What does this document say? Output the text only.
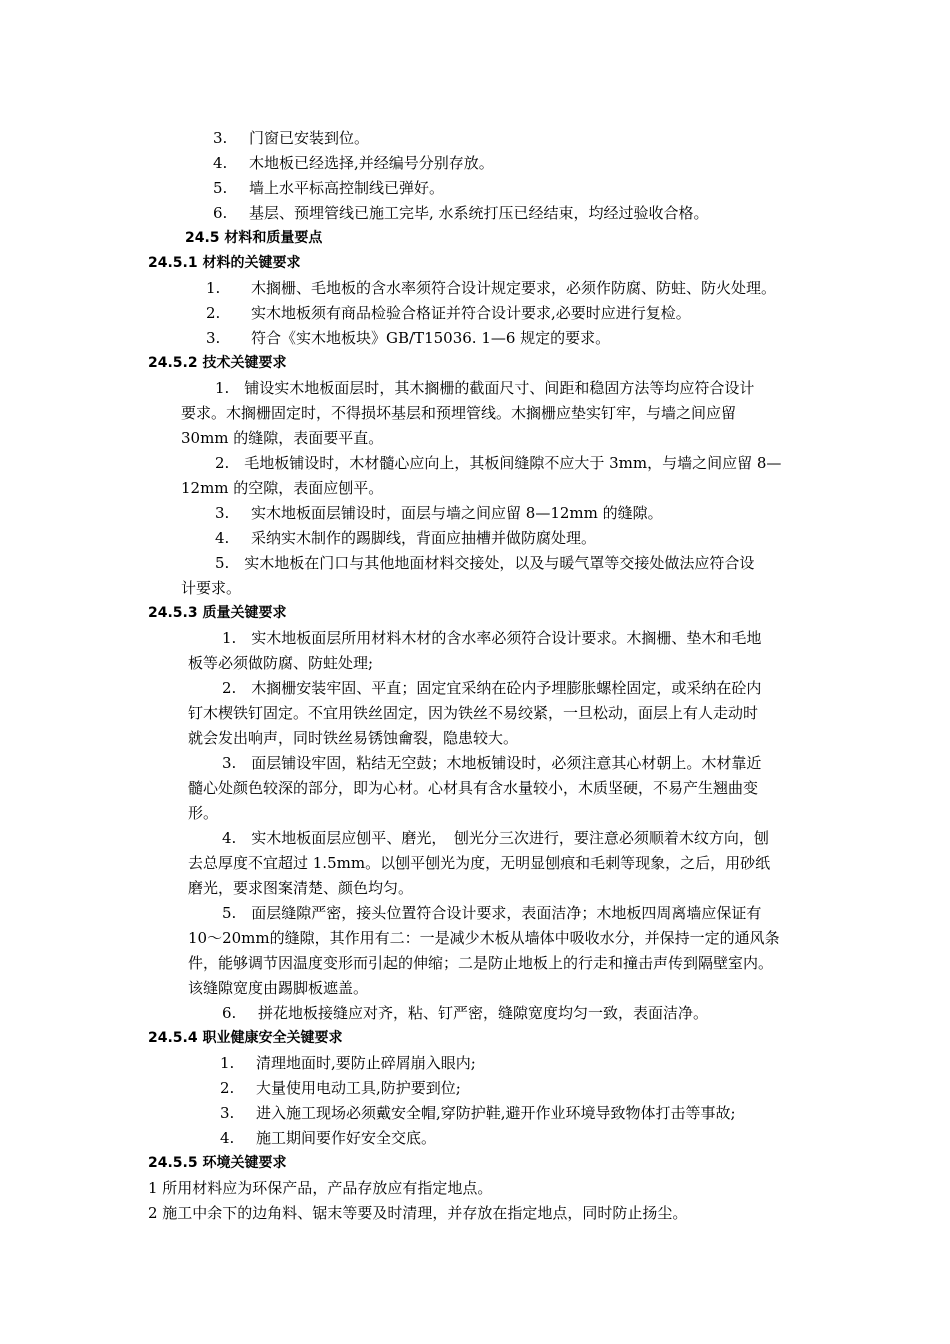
3. 门窗已安装到位。
4. 木地板已经选择,并经编号分别存放。
5. 墙上水平标高控制线已弹好。
6. 基层、预埋管线已施工完毕, 水系统打压已经结束，均经过验收合格。
24.5 材料和质量要点
24.5.1 材料的关键要求
1. 木搁栅、毛地板的含水率须符合设计规定要求，必须作防腐、防蛀、防火处理。
2. 实木地板须有商品检验合格证并符合设计要求,必要时应进行复检。
3. 符合《实木地板块》GB/T15036. 1—6 规定的要求。
24.5.2 技术关键要求
1.　铺设实木地板面层时，其木搁栅的截面尺寸、间距和稳固方法等均应符合设计
要求。木搁栅固定时，不得损坏基层和预埋管线。木搁栅应垫实钉牢，与墙之间应留
30mm 的缝隙，表面要平直。
2.　毛地板铺设时，木材髓心应向上，其板间缝隙不应大于 3mm，与墙之间应留 8—
12mm 的空隙，表面应刨平。
3. 实木地板面层铺设时，面层与墙之间应留 8—12mm 的缝隙。
4. 采纳实木制作的踢脚线，背面应抽槽并做防腐处理。
5.　实木地板在门口与其他地面材料交接处，以及与暖气罩等交接处做法应符合设
计要求。
24.5.3 质量关键要求
1.　实木地板面层所用材料木材的含水率必须符合设计要求。木搁栅、垫木和毛地
板等必须做防腐、防蛀处理;
2.　木搁栅安装牢固、平直；固定宜采纳在砼内予埋膨胀螺栓固定，或采纳在砼内
钉木楔铁钉固定。不宜用铁丝固定，因为铁丝不易绞紧，一旦松动，面层上有人走动时
就会发出响声，同时铁丝易锈蚀龠裂，隐患较大。
3.　面层铺设牢固，粘结无空鼓；木地板铺设时，必须注意其心材朝上。木材靠近
髓心处颜色较深的部分，即为心材。心材具有含水量较小，木质坚硬，不易产生翘曲变
形。
4.　实木地板面层应刨平、磨光，　刨光分三次进行，要注意必须顺着木纹方向，刨
去总厚度不宜超过 1.5mm。以刨平刨光为度，无明显刨痕和毛刺等现象，之后，用砂纸
磨光，要求图案清楚、颜色均匀。
5.　面层缝隙严密，接头位置符合设计要求，表面洁净；木地板四周离墙应保证有
10～20mm的缝隙，其作用有二：一是减少木板从墙体中吸收水分，并保持一定的通风条
件，能够调节因温度变形而引起的伸缩；二是防止地板上的行走和撞击声传到隔壁室内。
该缝隙宽度由踢脚板遮盖。
6. 拼花地板接缝应对齐，粘、钉严密，缝隙宽度均匀一致，表面洁净。
24.5.4 职业健康安全关键要求
1. 清理地面时,要防止碎屑崩入眼内;
2. 大量使用电动工具,防护要到位;
3. 进入施工现场必须戴安全帽,穿防护鞋,避开作业环境导致物体打击等事故;
4. 施工期间要作好安全交底。
24.5.5 环境关键要求
1 所用材料应为环保产品，产品存放应有指定地点。
2 施工中余下的边角料、锯末等要及时清理，并存放在指定地点，同时防止扬尘。
